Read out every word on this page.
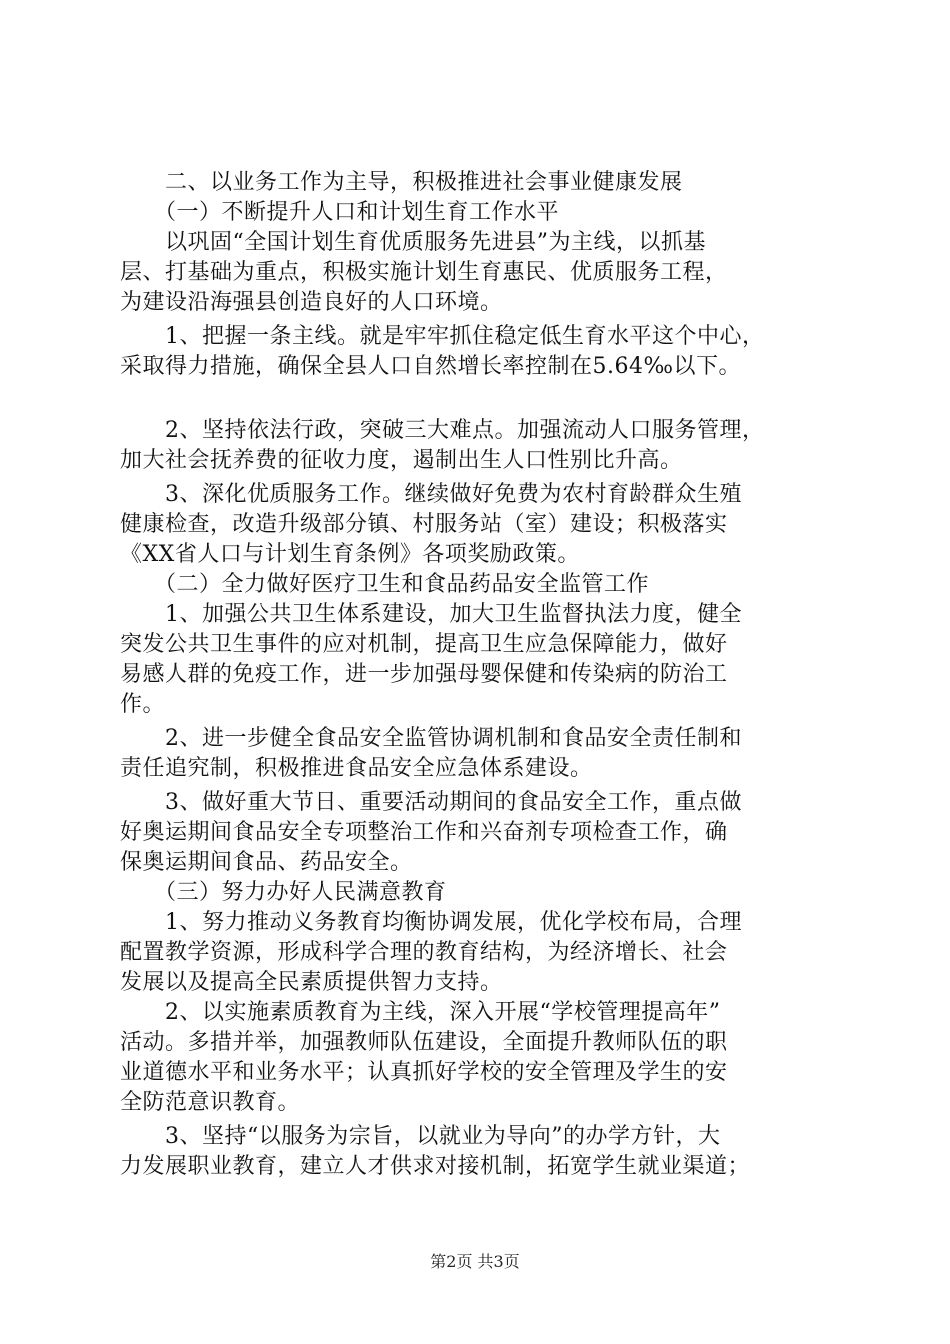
　　二、以业务工作为主导，积极推进社会事业健康发展
　　（一）不断提升人口和计划生育工作水平
　　以巩固“全国计划生育优质服务先进县”为主线，以抓基
层、打基础为重点，积极实施计划生育惠民、优质服务工程，
为建设沿海强县创造良好的人口环境。
　　1、把握一条主线。就是牢牢抓住稳定低生育水平这个中心，
采取得力措施，确保全县人口自然增长率控制在5.64‰以下。
　　2、坚持依法行政，突破三大难点。加强流动人口服务管理，
加大社会抚养费的征收力度，遏制出生人口性别比升高。
　　3、深化优质服务工作。继续做好免费为农村育龄群众生殖
健康检查，改造升级部分镇、村服务站（室）建设；积极落实
《XX省人口与计划生育条例》各项奖励政策。
　　（二）全力做好医疗卫生和食品药品安全监管工作
　　1、加强公共卫生体系建设，加大卫生监督执法力度，健全
突发公共卫生事件的应对机制，提高卫生应急保障能力，做好
易感人群的免疫工作，进一步加强母婴保健和传染病的防治工
作。
　　2、进一步健全食品安全监管协调机制和食品安全责任制和
责任追究制，积极推进食品安全应急体系建设。
　　3、做好重大节日、重要活动期间的食品安全工作，重点做
好奥运期间食品安全专项整治工作和兴奋剂专项检查工作，确
保奥运期间食品、药品安全。
　　（三）努力办好人民满意教育
　　1、努力推动义务教育均衡协调发展，优化学校布局，合理
配置教学资源，形成科学合理的教育结构，为经济增长、社会
发展以及提高全民素质提供智力支持。
　　2、以实施素质教育为主线，深入开展“学校管理提高年”
活动。多措并举，加强教师队伍建设，全面提升教师队伍的职
业道德水平和业务水平；认真抓好学校的安全管理及学生的安
全防范意识教育。
　　3、坚持“以服务为宗旨，以就业为导向”的办学方针，大
力发展职业教育，建立人才供求对接机制，拓宽学生就业渠道；
第2页 共3页
